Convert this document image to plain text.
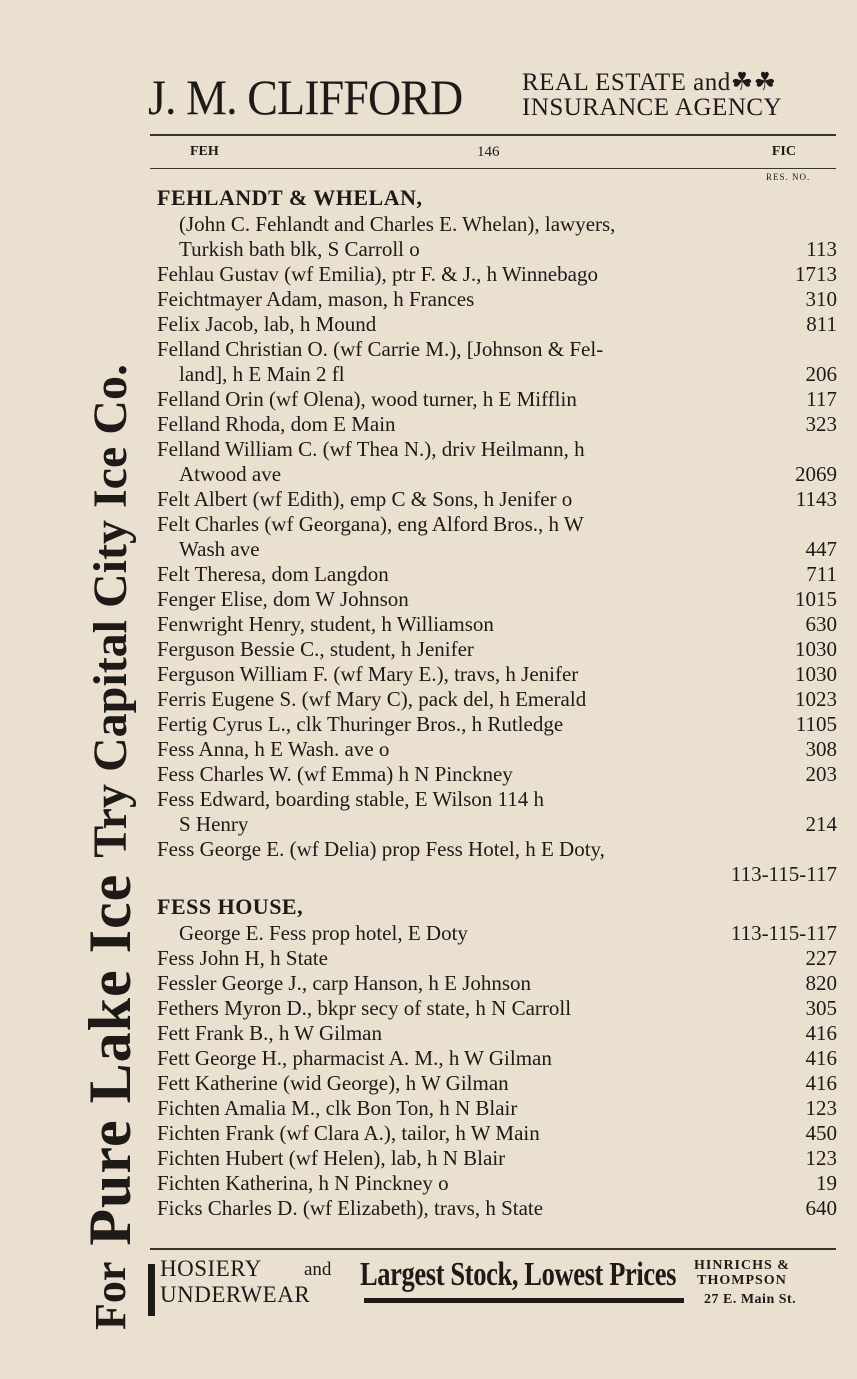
For
Pure Lake Ice
Try
Capital City Ice Co.
J. M. CLIFFORD REAL ESTATE and☘☘
INSURANCE AGENCY
FEH	146	FIC
RES. NO.
FEHLANDT & WHELAN,
(John C. Fehlandt and Charles E. Whelan), lawyers,
Turkish bath blk, S Carroll o	113
Fehlau Gustav (wf Emilia), ptr F. & J., h Winnebago	1713
Feichtmayer Adam, mason, h Frances	310
Felix Jacob, lab, h Mound	811
Felland Christian O. (wf Carrie M.), [Johnson & Fel-
land], h E Main 2 fl	206
Felland Orin (wf Olena), wood turner, h E Mifflin	117
Felland Rhoda, dom E Main	323
Felland William C. (wf Thea N.), driv Heilmann, h
Atwood ave	2069
Felt Albert (wf Edith), emp C & Sons, h Jenifer o	1143
Felt Charles (wf Georgana), eng Alford Bros., h W
Wash ave	447
Felt Theresa, dom Langdon	711
Fenger Elise, dom W Johnson	1015
Fenwright Henry, student, h Williamson	630
Ferguson Bessie C., student, h Jenifer	1030
Ferguson William F. (wf Mary E.), travs, h Jenifer	1030
Ferris Eugene S. (wf Mary C), pack del, h Emerald	1023
Fertig Cyrus L., clk Thuringer Bros., h Rutledge	1105
Fess Anna, h E Wash. ave o	308
Fess Charles W. (wf Emma) h N Pinckney	203
Fess Edward, boarding stable, E Wilson 114 h
S Henry	214
Fess George E. (wf Delia) prop Fess Hotel, h E Doty,
113-115-117
FESS HOUSE,
George E. Fess prop hotel, E Doty	113-115-117
Fess John H, h State	227
Fessler George J., carp Hanson, h E Johnson	820
Fethers Myron D., bkpr secy of state, h N Carroll	305
Fett Frank B., h W Gilman	416
Fett George H., pharmacist A. M., h W Gilman	416
Fett Katherine (wid George), h W Gilman	416
Fichten Amalia M., clk Bon Ton, h N Blair	123
Fichten Frank (wf Clara A.), tailor, h W Main	450
Fichten Hubert (wf Helen), lab, h N Blair	123
Fichten Katherina, h N Pinckney o	19
Ficks Charles D. (wf Elizabeth), travs, h State	640
HOSIERY and
UNDERWEAR
Largest Stock, Lowest Prices HINRICHS &
THOMPSON
27 E. Main St.
